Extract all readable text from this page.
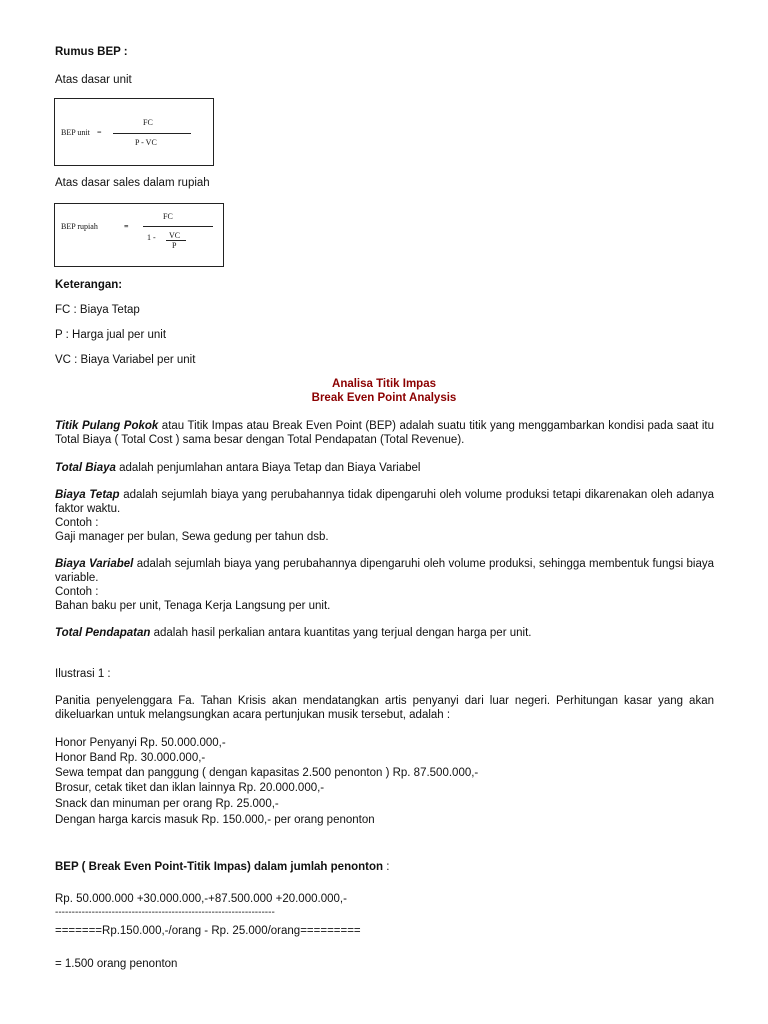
Rumus BEP :
Atas dasar unit
BEP unit =
FC
P - VC
Atas dasar sales dalam rupiah
BEP rupiah	=
FC
1 - VC
P
Keterangan:
FC : Biaya Tetap
P : Harga jual per unit
VC : Biaya Variabel per unit
Analisa Titik Impas
Break Even Point Analysis
Titik Pulang Pokok atau Titik Impas atau Break Even Point (BEP) adalah suatu titik yang menggambarkan kondisi pada saat itu Total Biaya ( Total Cost ) sama besar dengan Total Pendapatan (Total Revenue).
Total Biaya adalah penjumlahan antara Biaya Tetap dan Biaya Variabel
Biaya Tetap adalah sejumlah biaya yang perubahannya tidak dipengaruhi oleh volume produksi tetapi dikarenakan oleh adanya faktor waktu.
Contoh :
Gaji manager per bulan, Sewa gedung per tahun dsb.
Biaya Variabel adalah sejumlah biaya yang perubahannya dipengaruhi oleh volume produksi, sehingga membentuk fungsi biaya variable.
Contoh :
Bahan baku per unit, Tenaga Kerja Langsung per unit.
Total Pendapatan adalah hasil perkalian antara kuantitas yang terjual dengan harga per unit.
Ilustrasi 1 :
Panitia penyelenggara Fa. Tahan Krisis akan mendatangkan artis penyanyi dari luar negeri. Perhitungan kasar yang akan dikeluarkan untuk melangsungkan acara pertunjukan musik tersebut, adalah :
Honor Penyanyi Rp. 50.000.000,-
Honor Band Rp. 30.000.000,-
Sewa tempat dan panggung ( dengan kapasitas 2.500 penonton ) Rp. 87.500.000,-
Brosur, cetak tiket dan iklan lainnya Rp. 20.000.000,-
Snack dan minuman per orang Rp. 25.000,-
Dengan harga karcis masuk Rp. 150.000,- per orang penonton
BEP ( Break Even Point-Titik Impas) dalam jumlah penonton :
Rp. 50.000.000 +30.000.000,-+87.500.000 +20.000.000,-
------------------------------------------------------------------
=======Rp.150.000,-/orang - Rp. 25.000/orang=========
= 1.500 orang penonton
